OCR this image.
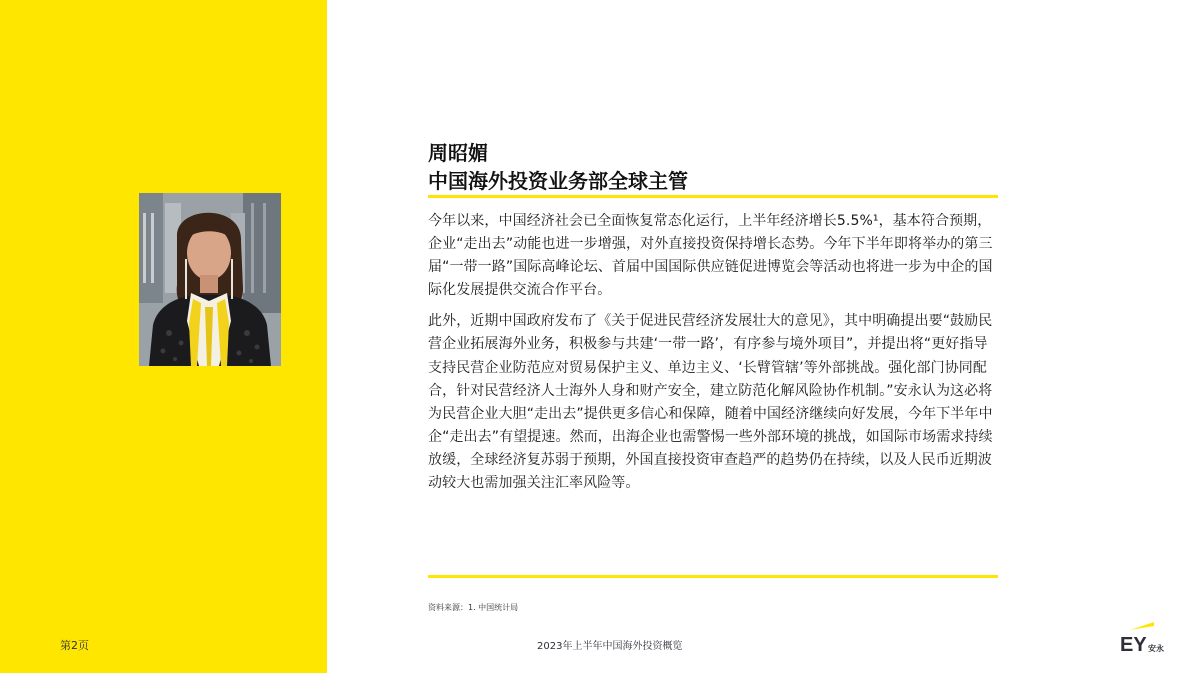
周昭媚
中国海外投资业务部全球主管

今年以来，中国经济社会已全面恢复常态化运行，上半年经济增长5.5%¹，基本符合预期，企业“走出去”动能也进一步增强，对外直接投资保持增长态势。今年下半年即将举办的第三届“一带一路”国际高峰论坛、首届中国国际供应链促进博览会等活动也将进一步为中企的国际化发展提供交流合作平台。

此外，近期中国政府发布了《关于促进民营经济发展壮大的意见》，其中明确提出要“鼓励民营企业拓展海外业务，积极参与共建‘一带一路’，有序参与境外项目”，并提出将“更好指导支持民营企业防范应对贸易保护主义、单边主义、‘长臂管辖’等外部挑战。强化部门协同配合，针对民营经济人士海外人身和财产安全，建立防范化解风险协作机制。”安永认为这必将为民营企业大胆“走出去”提供更多信心和保障，随着中国经济继续向好发展，今年下半年中企“走出去”有望提速。然而，出海企业也需警惕一些外部环境的挑战，如国际市场需求持续放缓，全球经济复苏弱于预期，外国直接投资审查趋严的趋势仍在持续，以及人民币近期波动较大也需加强关注汇率风险等。

资料来源：1. 中国统计局
第2页	2023年上半年中国海外投资概览	EY 安永
